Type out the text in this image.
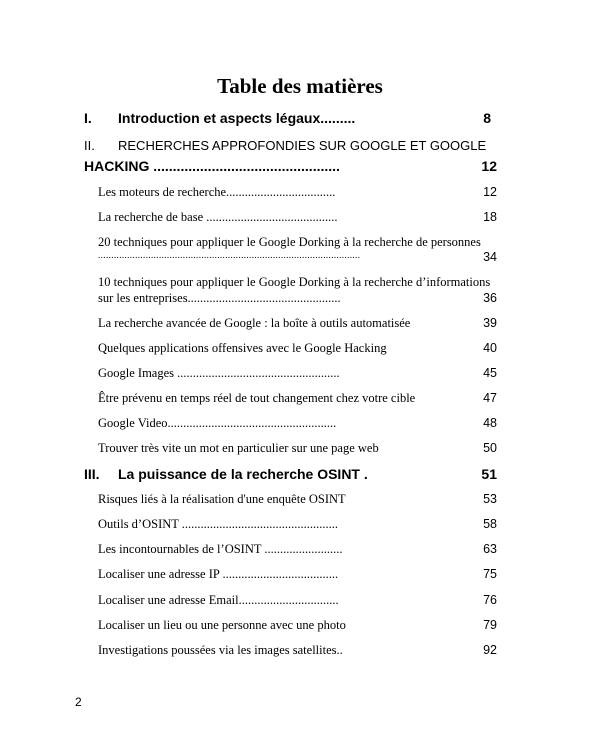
Table des matières
I. Introduction et aspects légaux.........	8
II. RECHERCHES APPROFONDIES SUR GOOGLE ET GOOGLE
HACKING ................................................	12
Les moteurs de recherche...................................	12
La recherche de base ..........................................	18
20 techniques pour appliquer le Google Dorking à la recherche de personnes
...................................................................................................	34
10 techniques pour appliquer le Google Dorking à la recherche d’informations
sur les entreprises.................................................	36
La recherche avancée de Google : la boîte à outils automatisée	39
Quelques applications offensives avec le Google Hacking	40
Google Images ....................................................	45
Être prévenu en temps réel de tout changement chez votre cible	47
Google Video......................................................	48
Trouver très vite un mot en particulier sur une page web	50
III. La puissance de la recherche OSINT .	51
Risques liés à la réalisation d'une enquête OSINT	53
Outils d’OSINT ..................................................	58
Les incontournables de l’OSINT .........................	63
Localiser une adresse IP .....................................	75
Localiser une adresse Email................................	76
Localiser un lieu ou une personne avec une photo	79
Investigations poussées via les images satellites..	92
2
